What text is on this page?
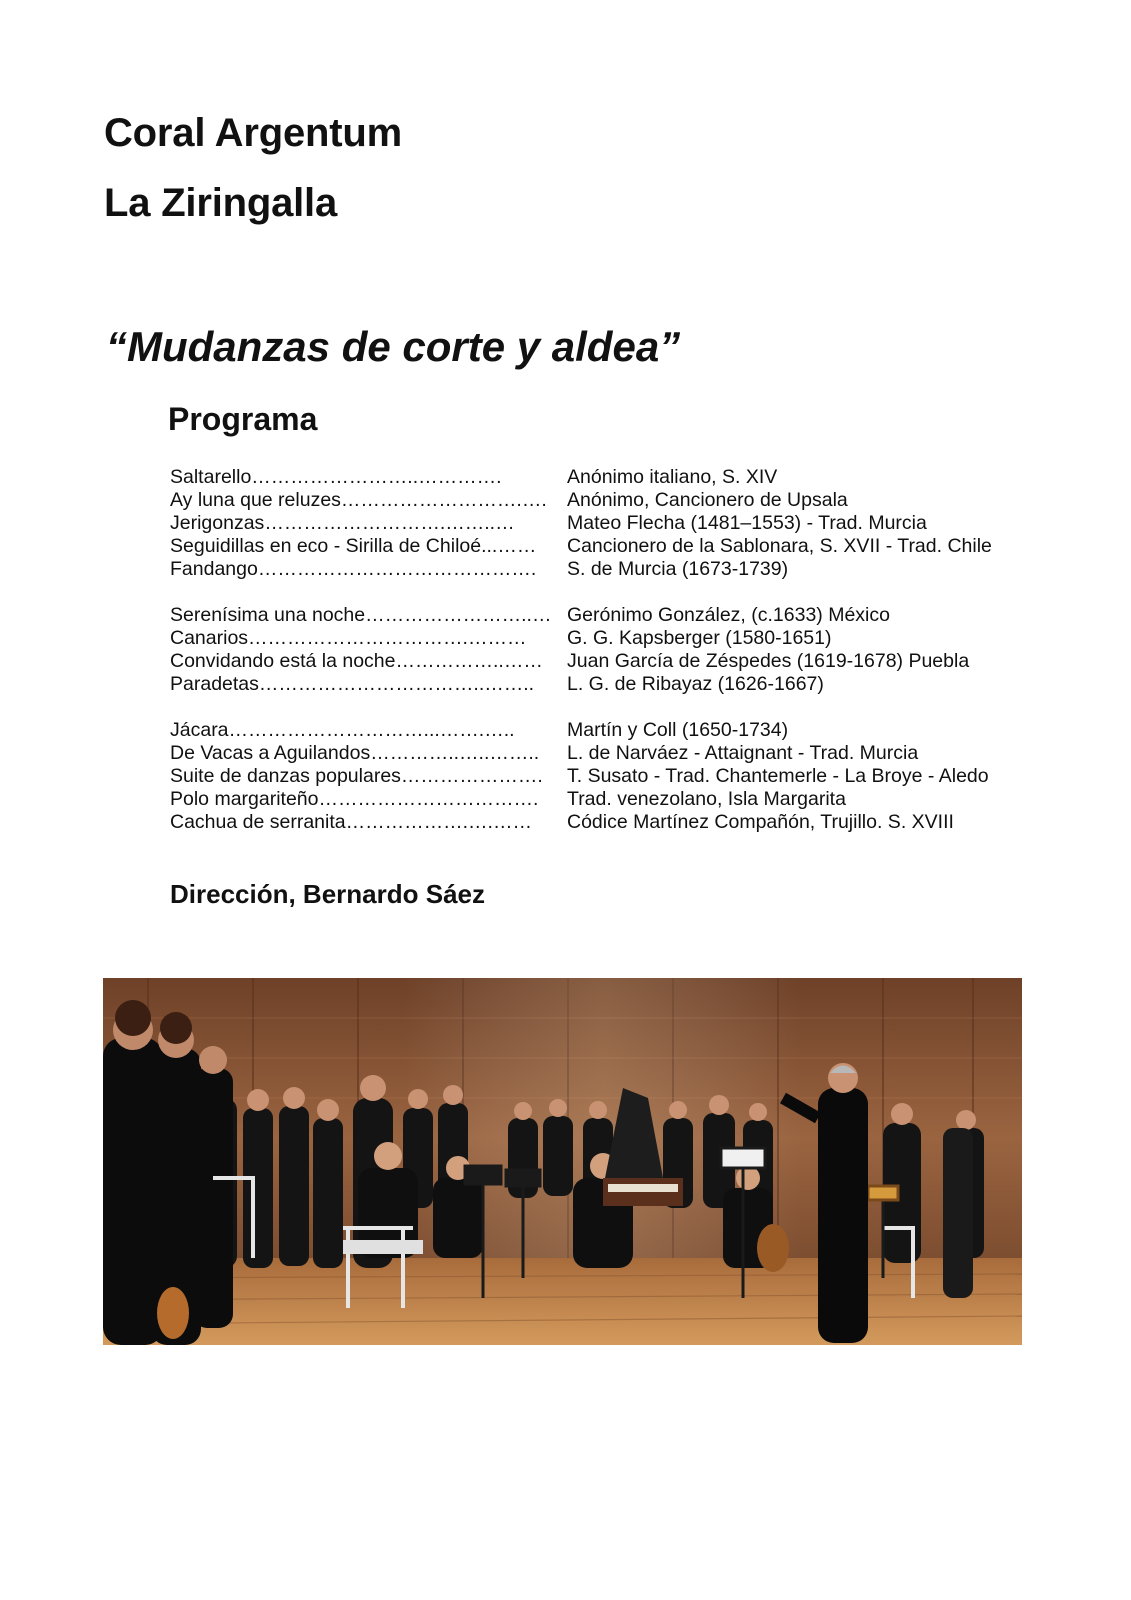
Coral Argentum
La Ziringalla
“Mudanzas de corte y aldea”
Programa
Saltarello……………………..………….	Anónimo italiano, S. XIV
Ay luna que reluzes……………………….….	Anónimo, Cancionero de Upsala
Jerigonzas……………………….……..…	Mateo Flecha (1481–1553) - Trad. Murcia
Seguidillas en eco - Sirilla de Chiloé...……	Cancionero de la Sablonara, S. XVII - Trad. Chile
Fandango…………………………………….	S. de Murcia (1673-1739)
Serenísima una noche……………………..… Gerónimo González, (c.1633) México
Canarios…………………………….………	G. G. Kapsberger (1580-1651)
Convidando está la noche……………..……	Juan García de Zéspedes (1619-1678) Puebla
Paradetas……………………………..……..	L. G. de Ribayaz (1626-1667)
Jácara…………………………...…….…..	Martín y Coll (1650-1734)
De Vacas a Aguilandos…………..…..……..	L. de Narváez - Attaignant - Trad. Murcia
Suite de danzas populares………………….	T. Susato - Trad. Chantemerle - La Broye - Aledo
Polo margariteño…………………………….	Trad. venezolano, Isla Margarita
Cachua de serranita……………….….……	Códice Martínez Compañón, Trujillo. S. XVIII
Dirección, Bernardo Sáez
